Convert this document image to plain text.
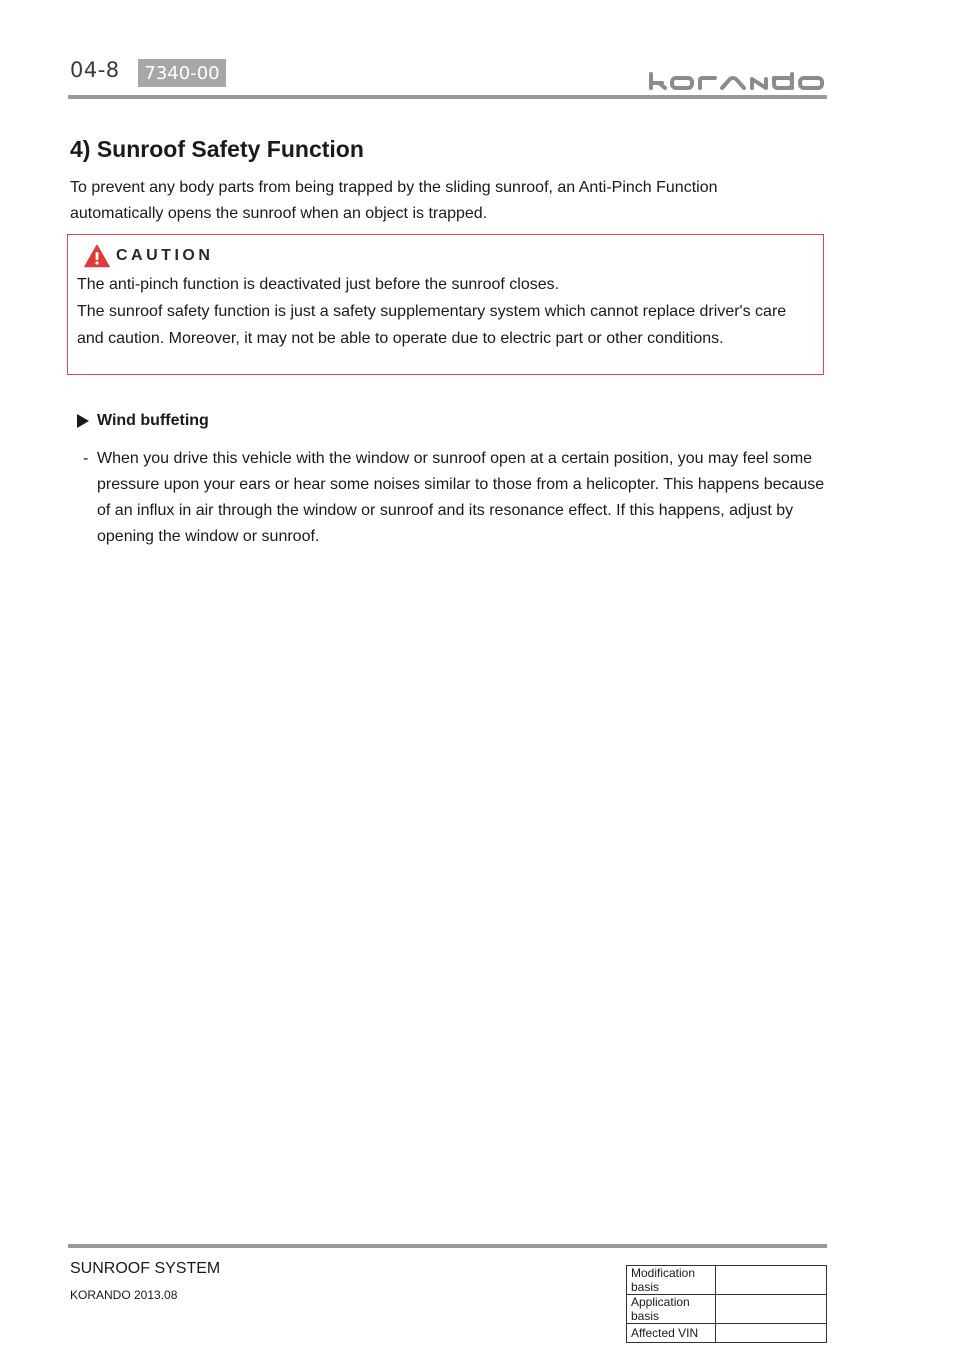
04-8	7340-00
4) Sunroof Safety Function

To prevent any body parts from being trapped by the sliding sunroof, an Anti-Pinch Function automatically opens the sunroof when an object is trapped.

CAUTION

The anti-pinch function is deactivated just before the sunroof closes.

The sunroof safety function is just a safety supplementary system which cannot replace driver's care and caution. Moreover, it may not be able to operate due to electric part or other conditions.

Wind buffeting
- When you drive this vehicle with the window or sunroof open at a certain position, you may feel some pressure upon your ears or hear some noises similar to those from a helicopter. This happens because of an influx in air through the window or sunroof and its resonance effect. If this happens, adjust by opening the window or sunroof.

SUNROOF SYSTEM
KORANDO 2013.08
Modification basis	
Application basis	
Affected VIN	
